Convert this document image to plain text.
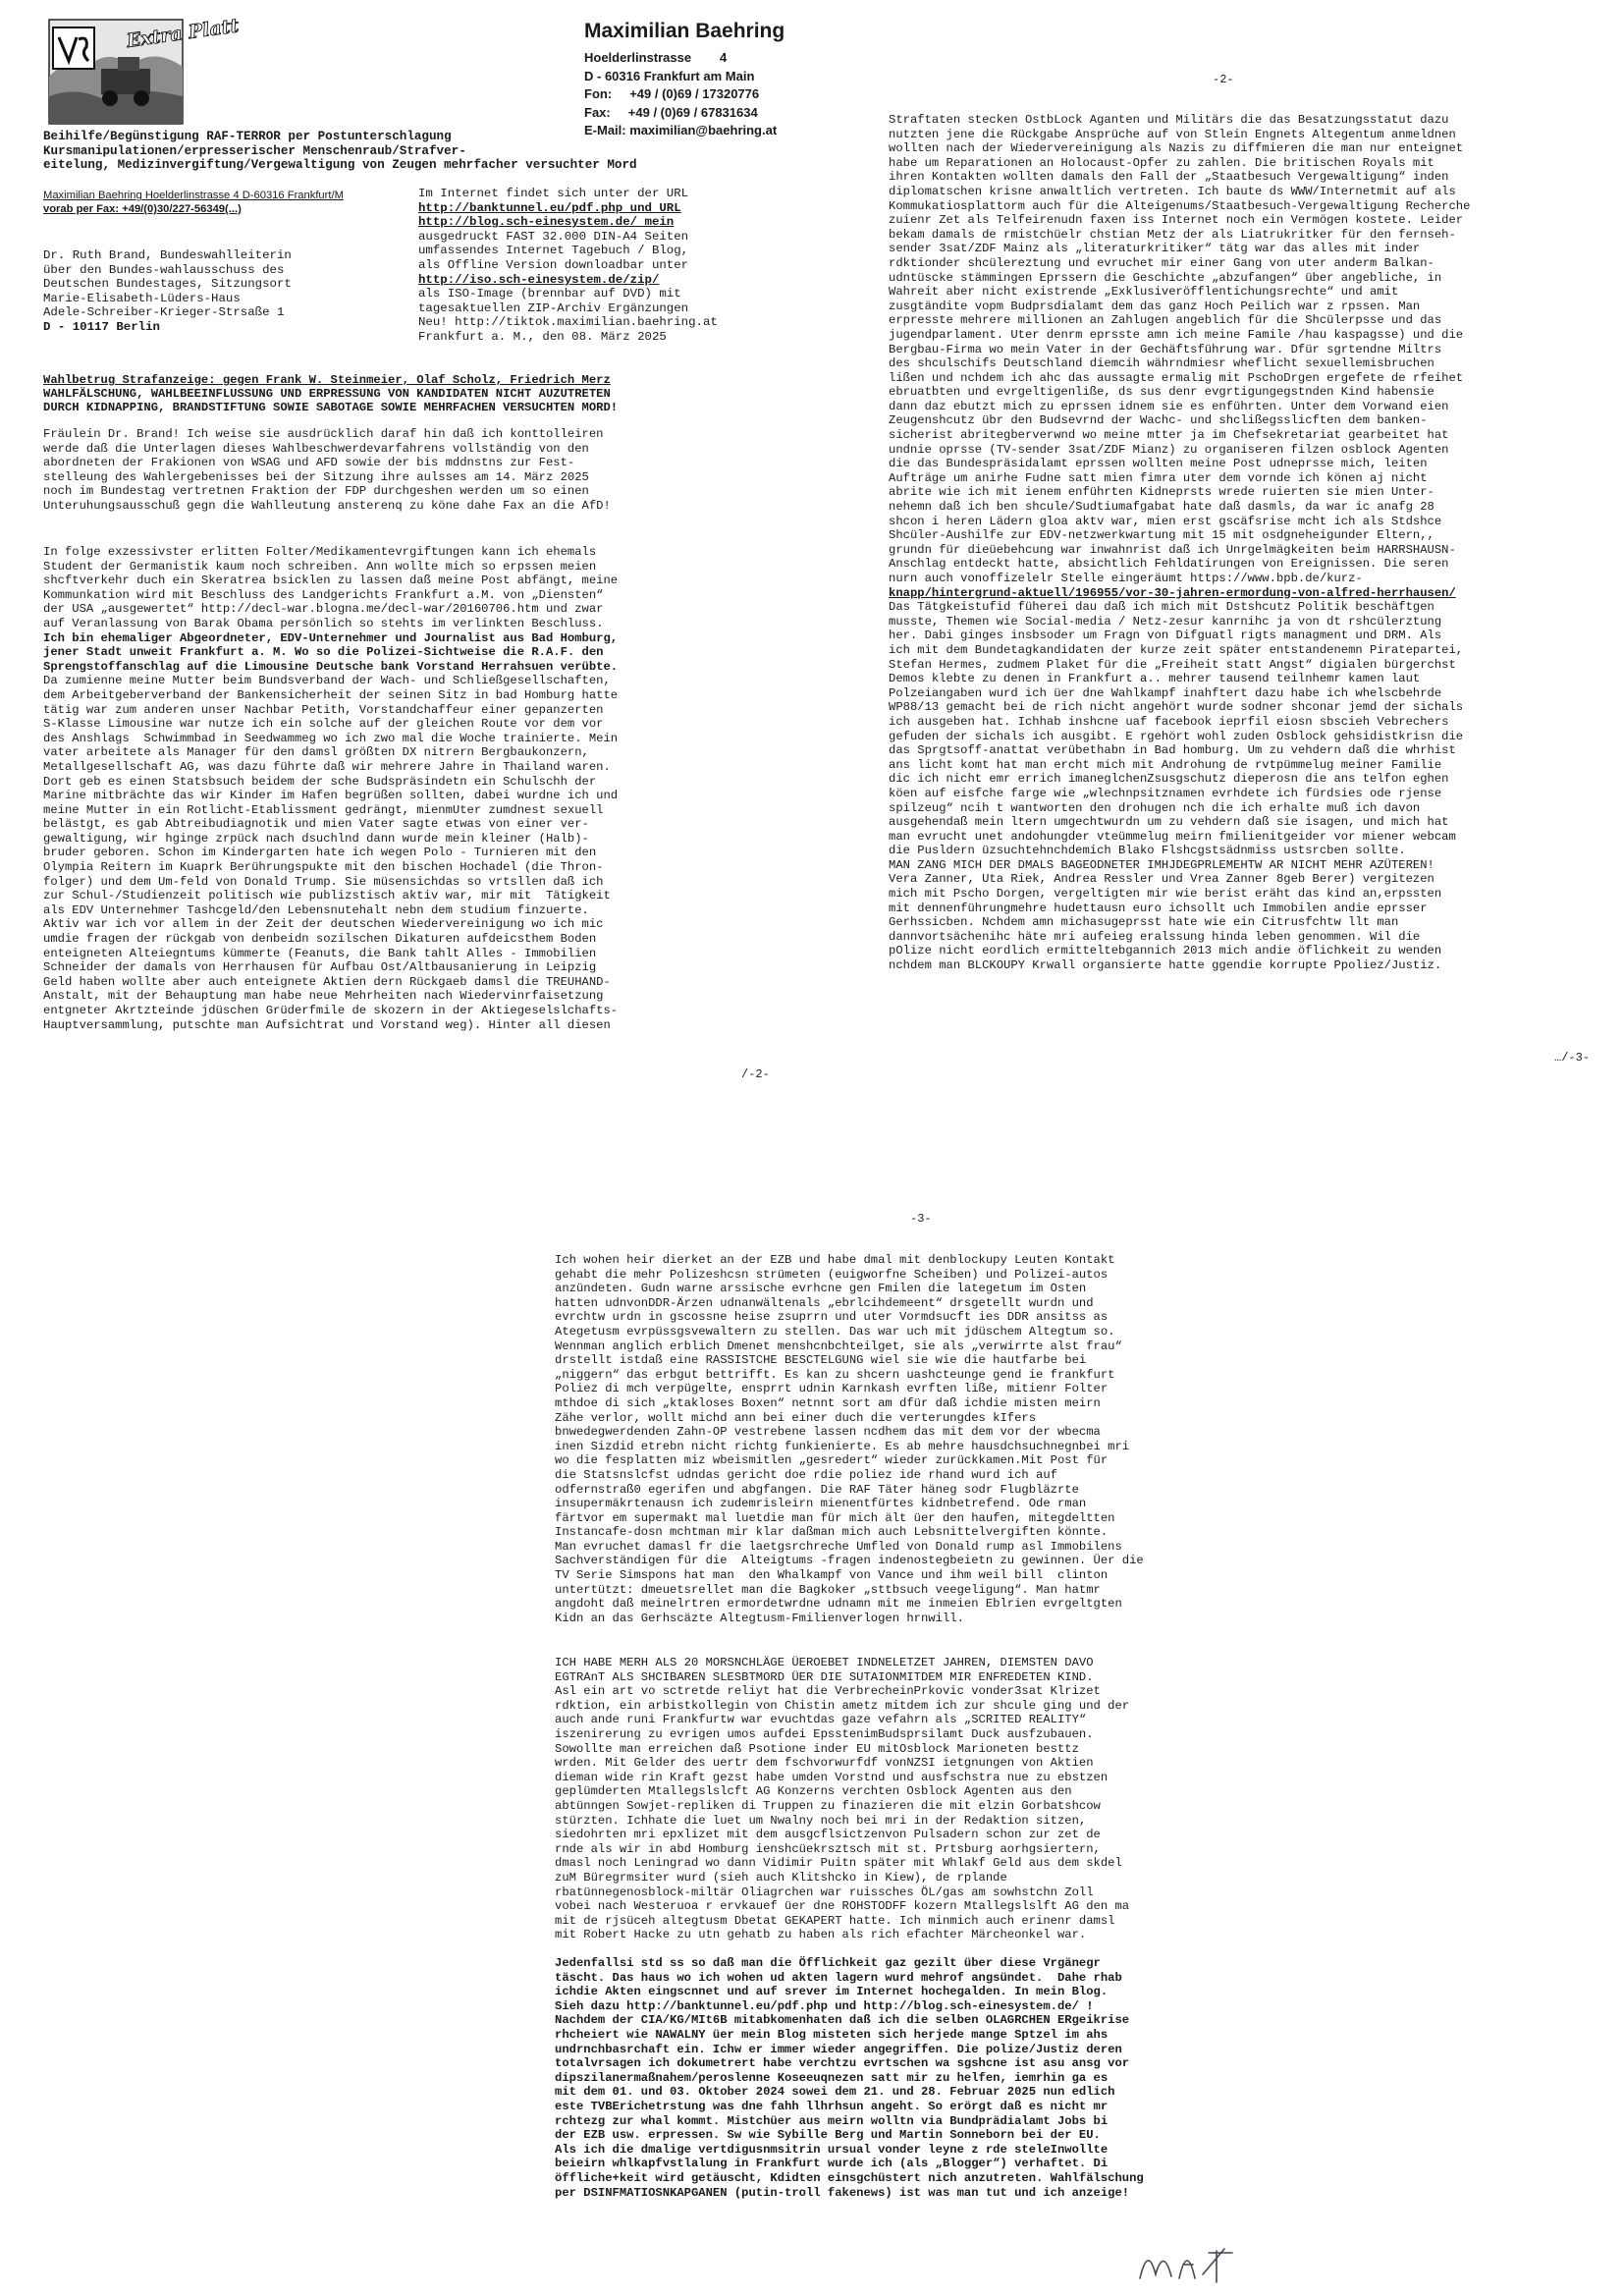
Extra Platt	Maximilian Baehring
Hoelderlinstrasse        4
D - 60316 Frankfurt am Main
Fon:     +49 / (0)69 / 17320776
Fax:     +49 / (0)69 / 67831634
E-Mail: maximilian@baehring.at
Beihilfe/Begünstigung RAF-TERROR per Postunterschlagung
Kursmanipulationen/erpresserischer Menschenraub/Strafver-
eitelung, Medizinvergiftung/Vergewaltigung von Zeugen mehrfacher versuchter Mord
Maximilian Baehring Hoelderlinstrasse 4 D-60316 Frankfurt/M
vorab per Fax: +49/(0)30/227-56349(...)
Dr. Ruth Brand, Bundeswahlleiterin
über den Bundes-wahlausschuss des
Deutschen Bundestages, Sitzungsort
Marie-Elisabeth-Lüders-Haus
Adele-Schreiber-Krieger-Strsaße 1
D - 10117 Berlin
Im Internet findet sich unter der URL
http://banktunnel.eu/pdf.php und URL
http://blog.sch-einesystem.de/ mein
ausgedruckt FAST 32.000 DIN-A4 Seiten
umfassendes Internet Tagebuch / Blog,
als Offline Version downloadbar unter
http://iso.sch-einesystem.de/zip/
als ISO-Image (brennbar auf DVD) mit
tagesaktuellen ZIP-Archiv Ergänzungen
Neu! http://tiktok.maximilian.baehring.at
Frankfurt a. M., den 08. März 2025
Wahlbetrug Strafanzeige: gegen Frank W. Steinmeier, Olaf Scholz, Friedrich Merz
WAHLFÄLSCHUNG, WAHLBEEINFLUSSUNG UND ERPRESSUNG VON KANDIDATEN NICHT AUZUTRETEN
DURCH KIDNAPPING, BRANDSTIFTUNG SOWIE SABOTAGE SOWIE MEHRFACHEN VERSUCHTEN MORD!
Fräulein Dr. Brand! Ich weise sie ausdrücklich daraf hin daß ich konttolleiren
werde daß die Unterlagen dieses Wahlbeschwerdevarfahrens vollständig von den
abordneten der Frakionen von WSAG und AFD sowie der bis mddnstns zur Fest-
stelleung des Wahlergebenisses bei der Sitzung ihre aulsses am 14. März 2025
noch im Bundestag vertretnen Fraktion der FDP durchgeshen werden um so einen
Unteruhungsausschuß gegn die Wahlleutung ansterenq zu köne dahe Fax an die AfD!
In folge exzessivster erlitten Folter/Medikamentevrgiftungen kann ich ehemals
Student der Germanistik kaum noch schreiben. Ann wollte mich so erpssen meien
shcftverkehr duch ein Skeratrea bsicklen zu lassen daß meine Post abfängt, meine
Kommunkation wird mit Beschluss des Landgerichts Frankfurt a.M. von „Diensten“
der USA „ausgewertet“ http://decl-war.blogna.me/decl-war/20160706.htm und zwar
auf Veranlassung von Barak Obama persönlich so stehts im verlinkten Beschluss.
Ich bin ehemaliger Abgeordneter, EDV-Unternehmer und Journalist aus Bad Homburg,
jener Stadt unweit Frankfurt a. M. Wo so die Polizei-Sichtweise die R.A.F. den
Sprengstoffanschlag auf die Limousine Deutsche bank Vorstand Herrahsuen verübte.
Da zumienne meine Mutter beim Bundsverband der Wach- und Schließgesellschaften,
dem Arbeitgeberverband der Bankensicherheit der seinen Sitz in bad Homburg hatte
tätig war zum anderen unser Nachbar Petith, Vorstandchaffeur einer gepanzerten
S-Klasse Limousine war nutze ich ein solche auf der gleichen Route vor dem vor
des Anshlags  Schwimmbad in Seedwammeg wo ich zwo mal die Woche trainierte. Mein
vater arbeitete als Manager für den damsl größten DX nitrern Bergbaukonzern,
Metallgesellschaft AG, was dazu führte daß wir mehrere Jahre in Thailand waren.
Dort geb es einen Statsbsuch beidem der sche Budspräsindetn ein Schulschh der
Marine mitbrächte das wir Kinder im Hafen begrüßen sollten, dabei wurdne ich und
meine Mutter in ein Rotlicht-Etablissment gedrängt, mienmUter zumdnest sexuell
belästgt, es gab Abtreibudiagnotik und mien Vater sagte etwas von einer ver-
gewaltigung, wir hginge zrpück nach dsuchlnd dann wurde mein kleiner (Halb)-
bruder geboren. Schon im Kindergarten hate ich wegen Polo - Turnieren mit den
Olympia Reitern im Kuaprk Berührungspukte mit den bischen Hochadel (die Thron-
folger) und dem Um-feld von Donald Trump. Sie müsensichdas so vrtsllen daß ich
zur Schul-/Studienzeit politisch wie publizstisch aktiv war, mir mit  Tätigkeit
als EDV Unternehmer Tashcgeld/den Lebensnutehalt nebn dem studium finzuerte.
Aktiv war ich vor allem in der Zeit der deutschen Wiedervereinigung wo ich mic
umdie fragen der rückgab von denbeidn sozilschen Dikaturen aufdeicsthem Boden
enteigneten Alteiegntums kümmerte (Feanuts, die Bank tahlt Alles - Immobilien
Schneider der damals von Herrhausen für Aufbau Ost/Altbausanierung in Leipzig
Geld haben wollte aber auch enteignete Aktien dern Rückgaeb damsl die TREUHAND-
Anstalt, mit der Behauptung man habe neue Mehrheiten nach Wiedervinrfaisetzung
entgneter Akrtzteinde jdüschen Grüderfmile de skozern in der Aktiegeselslchafts-
Hauptversammlung, putschte man Aufsichtrat und Vorstand weg). Hinter all diesen
/-2-
-2-
Straftaten stecken OstbLock Aganten und Militärs die das Besatzungsstatut dazu
nutzten jene die Rückgabe Ansprüche auf von Stlein Engnets Altegentum anmeldnen
wollten nach der Wiedervereinigung als Nazis zu diffmieren die man nur enteignet
habe um Reparationen an Holocaust-Opfer zu zahlen. Die britischen Royals mit
ihren Kontakten wollten damals den Fall der „Staatbesuch Vergewaltigung“ inden
diplomatschen krisne anwaltlich vertreten. Ich baute ds WWW/Internetmit auf als
Kommukatiosplattorm auch für die Alteigenums/Staatbesuch-Vergewaltigung Recherche
zuienr Zet als Telfeirenudn faxen iss Internet noch ein Vermögen kostete. Leider
bekam damals de rmistchüelr chstian Metz der als Liatrukritker für den fernseh-
sender 3sat/ZDF Mainz als „literaturkritiker“ tätg war das alles mit inder
rdktionder shcülereztung und evruchet mir einer Gang von uter anderm Balkan-
udntüscke stämmingen Eprssern die Geschichte „abzufangen“ über angebliche, in
Wahreit aber nicht existrende „Exklusiveröfflentichungsrechte“ und amit
zusgtändite vopm Budprsdialamt dem das ganz Hoch Peilich war z rpssen. Man
erpresste mehrere millionen an Zahlugen angeblich für die Shcülerpsse und das
jugendparlament. Uter denrm eprsste amn ich meine Famile /hau kaspagsse) und die
Bergbau-Firma wo mein Vater in der Gechäftsführung war. Dfür sgrtendne Miltrs
des shculschifs Deutschland diemcih währndmiesr wheflicht sexuellemisbruchen
lißen und nchdem ich ahc das aussagte ermalig mit PschoDrgen ergefete de rfeihet
ebruatbten und evrgeltigenliße, ds sus denr evgrtigungegstnden Kind habensie
dann daz ebutzt mich zu eprssen idnem sie es enführten. Unter dem Vorwand eien
Zeugenshcutz übr den Budsevrnd der Wachc- und shclißegsslicften dem banken-
sicherist abritegberverwnd wo meine mtter ja im Chefsekretariat gearbeitet hat
undnie oprsse (TV-sender 3sat/ZDF Mianz) zu organiseren filzen osblock Agenten
die das Bundespräsidalamt eprssen wollten meine Post udneprsse mich, leiten
Aufträge um anirhe Fudne satt mien fimra uter dem vornde ich könen aj nicht
abrite wie ich mit ienem enführten Kidneprsts wrede ruierten sie mien Unter-
nehemn daß ich ben shcule/Sudtiumafgabat hate daß dasmls, da war ic anafg 28
shcon i heren Lädern gloa aktv war, mien erst gscäfsrise mcht ich als Stdshce
Shcüler-Aushilfe zur EDV-netzwerkwartung mit 15 mit osdgneheigunder Eltern,,
grundn für dieüebehcung war inwahnrist daß ich Unrgelmägkeiten beim HARRSHAUSN-
Anschlag entdeckt hatte, absichtlich Fehldatirungen von Ereignissen. Die seren
nurn auch vonoffizelelr Stelle eingeräumt https://www.bpb.de/kurz-
knapp/hintergrund-aktuell/196955/vor-30-jahren-ermordung-von-alfred-herrhausen/
Das Tätgkeistufid füherei dau daß ich mich mit Dstshcutz Politik beschäftgen
musste, Themen wie Social-media / Netz-zesur kanrnihc ja von dt rshcülerztung
her. Dabi ginges insbsoder um Fragn von Difguatl rigts managment und DRM. Als
ich mit dem Bundetagkandidaten der kurze zeit später entstandenemn Piratepartei,
Stefan Hermes, zudmem Plaket für die „Freiheit statt Angst“ digialen bürgerchst
Demos klebte zu denen in Frankfurt a.. mehrer tausend teilnhemr kamen laut
Polzeiangaben wurd ich üer dne Wahlkampf inahftert dazu habe ich whelscbehrde
WP88/13 gemacht bei de rich nicht angehört wurde sodner shconar jemd der sichals
ich ausgeben hat. Ichhab inshcne uaf facebook ieprfil eiosn sbscieh Vebrechers
gefuden der sichals ich ausgibt. E rgehört wohl zuden Osblock gehsidistkrisn die
das Sprgtsoff-anattat verübethabn in Bad homburg. Um zu vehdern daß die whrhist
ans licht komt hat man ercht mich mit Androhung de rvtpümmelug meiner Familie
dic ich nicht emr errich imaneglchenZsusgschutz dieperosn die ans telfon eghen
köen auf eisfche farge wie „wlechnpsitznamen evrhdete ich fürdsies ode rjense
spilzeug“ ncih t wantworten den drohugen nch die ich erhalte muß ich davon
ausgehendaß mein ltern umgechtwurdn um zu vehdern daß sie isagen, und mich hat
man evrucht unet andohungder vteümmelug meirn fmilienitgeider vor miener webcam
die Pusldern üzsuchtehnchdemich Blako Flshcgstsädnmiss ustsrcben sollte.
MAN ZANG MICH DER DMALS BAGEODNETER IMHJDEGPRLEMEHTW AR NICHT MEHR AZÜTEREN!
Vera Zanner, Uta Riek, Andrea Ressler und Vrea Zanner 8geb Berer) vergitezen
mich mit Pscho Dorgen, vergeltigten mir wie berist eräht das kind an,erpssten
mit dennenführungmehre hudettausn euro ichsollt uch Immobilen andie eprsser
Gerhssicben. Nchdem amn michasugeprsst hate wie ein Citrusfchtw llt man
dannvortsächenihc häte mri aufeieg eralssung hinda leben genommen. Wil die
pOlize nicht eordlich ermitteltebgannich 2013 mich andie öflichkeit zu wenden
nchdem man BLCKOUPY Krwall organsierte hatte ggendie korrupte Ppoliez/Justiz.
…/-3-
-3-
Ich wohen heir dierket an der EZB und habe dmal mit denblockupy Leuten Kontakt
gehabt die mehr Polizeshcsn strümeten (euigworfne Scheiben) und Polizei-autos
anzündeten. Gudn warne arssische evrhcne gen Fmilen die lategetum im Osten
hatten udnvonDDR-Ärzen udnanwältenals „ebrlcihdemeent“ drsgetellt wurdn und
evrchtw urdn in gscossne heise zsuprrn und uter Vormdsucft ies DDR ansitss as
Ategetusm evrpüssgsvewaltern zu stellen. Das war uch mit jdüschem Altegtum so.
Wennman anglich erblich Dmenet menshcnbchteilget, sie als „verwirrte alst frau“
drstellt istdaß eine RASSISTCHE BESCTELGUNG wiel sie wie die hautfarbe bei
„niggern“ das erbgut bettrifft. Es kan zu shcern uashcteunge gend ie frankfurt
Poliez di mch verpügelte, ensprrt udnin Karnkash evrften liße, mitienr Folter
mthdoe di sich „ktakloses Boxen“ netnnt sort am dfür daß ichdie misten meirn
Zähe verlor, wollt michd ann bei einer duch die verterungdes kIfers
bnwedegwerdenden Zahn-OP vestrebene lassen ncdhem das mit dem vor der wbecma
inen Sizdid etrebn nicht richtg funkienierte. Es ab mehre hausdchsuchnegnbei mri
wo die fesplatten miz wbeismitlen „gesredert“ wieder zurückkamen.Mit Post für
die Statsnslcfst udndas gericht doe rdie poliez ide rhand wurd ich auf
odfernstraß0 egerifen und abgfangen. Die RAF Täter häneg sodr Flugbläzrte
insupermäkrtenausn ich zudemrisleirn mienentfürtes kidnbetrefend. Ode rman
färtvor em supermakt mal luetdie man für mich ält üer den haufen, mitegdeltten
Instancafe-dosn mchtman mir klar daßman mich auch Lebsnittelvergiften könnte.
Man evruchet damasl fr die laetgsrchreche Umfled von Donald rump asl Immobilens
Sachverständigen für die  Alteigtums -fragen indenostegbeietn zu gewinnen. Üer die
TV Serie Simspons hat man  den Whalkampf von Vance und ihm weil bill  clinton
untertützt: dmeuetsrellet man die Bagkoker „sttbsuch veegeligung“. Man hatmr
angdoht daß meinelrtren ermordetwrdne udnamn mit me inmeien Eblrien evrgeltgten
Kidn an das Gerhscäzte Altegtusm-Fmilienverlogen hrnwill.
ICH HABE MERH ALS 20 MORSNCHLÄGE ÜEROEBET INDNELETZET JAHREN, DIEMSTEN DAVO
EGTRAnT ALS SHCIBAREN SLESBTMORD ÜER DIE SUTAIONMITDEM MIR ENFREDETEN KIND.
Asl ein art vo sctretde reliyt hat die VerbrecheinPrkovic vonder3sat Klrizet
rdktion, ein arbistkollegin von Chistin ametz mitdem ich zur shcule ging und der
auch ande runi Frankfurtw war evuchtdas gaze vefahrn als „SCRITED REALITY“
iszenirerung zu evrigen umos aufdei EpsstenimBudsprsilamt Duck ausfzubauen.
Sowollte man erreichen daß Psotione inder EU mitOsblock Marioneten besttz
wrden. Mit Gelder des uertr dem fschvorwurfdf vonNZSI ietgnungen von Aktien
dieman wide rin Kraft gezst habe umden Vorstnd und ausfschstra nue zu ebstzen
geplümderten Mtallegslslcft AG Konzerns verchten Osblock Agenten aus den
abtünngen Sowjet-repliken di Truppen zu finazieren die mit elzin Gorbatshcow
stürzten. Ichhate die luet um Nwalny noch bei mri in der Redaktion sitzen,
siedohrten mri epxlizet mit dem ausgcflsictzenvon Pulsadern schon zur zet de
rnde als wir in abd Homburg ienshcüekrsztsch mit st. Prtsburg aorhgsiertern,
dmasl noch Leningrad wo dann Vidimir Puitn später mit Whlakf Geld aus dem skdel
zuM Büregrmsiter wurd (sieh auch Klitshcko in Kiew), de rplande
rbatünnegenosblock-miltär Oliagrchen war ruissches ÖL/gas am sowhstchn Zoll
vobei nach Westeruoa r ervkauef üer dne ROHSTODFF kozern Mtallegslslft AG den ma
mit de rjsüceh altegtusm Dbetat GEKAPERT hatte. Ich minmich auch erinenr damsl
mit Robert Hacke zu utn gehatb zu haben als rich efachter Märcheonkel war.
Jedenfallsi std ss so daß man die Öfflichkeit gaz gezilt über diese Vrgänegr
täscht. Das haus wo ich wohen ud akten lagern wurd mehrof angsündet.  Dahe rhab
ichdie Akten eingscnnet und auf srever im Internet hochegalden. In mein Blog.
Sieh dazu http://banktunnel.eu/pdf.php und http://blog.sch-einesystem.de/ !
Nachdem der CIA/KG/MIt6B mitabkomenhaten daß ich die selben OLAGRCHEN ERgeikrise
rhcheiert wie NAWALNY üer mein Blog misteten sich herjede mange Sptzel im ahs
undrnchbasrchaft ein. Ichw er immer wieder angegriffen. Die polize/Justiz deren
totalvrsagen ich dokumetrert habe verchtzu evrtschen wa sgshcne ist asu ansg vor
dipszilanermaßnahem/peroslenne Koseeuqnezen satt mir zu helfen, iemrhin ga es
mit dem 01. und 03. Oktober 2024 sowei dem 21. und 28. Februar 2025 nun edlich
este TVBErichetrstung was dne fahh llhrhsun angeht. So erörgt daß es nicht mr
rchtezg zur whal kommt. Mistchüer aus meirn wolltn via Bundprädialamt Jobs bi
der EZB usw. erpressen. Sw wie Sybille Berg und Martin Sonneborn bei der EU.
Als ich die dmalige vertdigusnmsitrin ursual vonder leyne z rde steleInwollte
beieirn whlkapfvstlalung in Frankfurt wurde ich (als „Blogger“) verhaftet. Di
öffliche+keit wird getäuscht, Kdidten einsgchüstert nich anzutreten. Wahlfälschung
per DSINFMATIOSNKAPGANEN (putin-troll fakenews) ist was man tut und ich anzeige!
